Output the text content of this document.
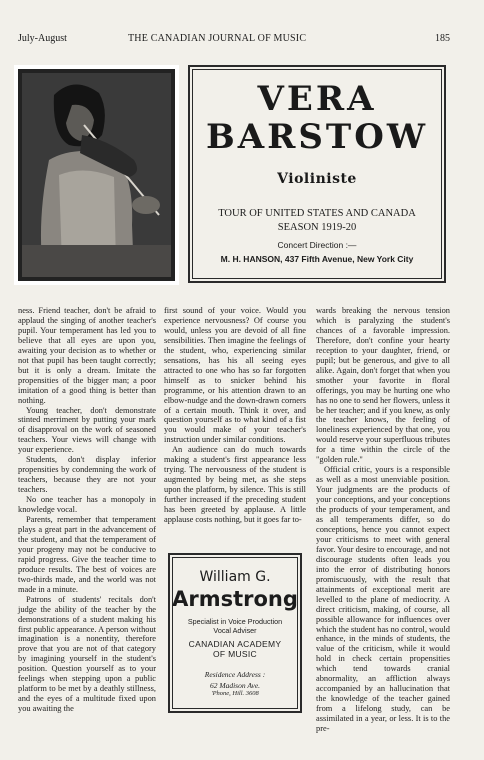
July-August	THE CANADIAN JOURNAL OF MUSIC	185
VERA
BARSTOW
Violiniste
TOUR OF UNITED STATES AND CANADA
SEASON 1919-20
Concert Direction :—
M. H. HANSON, 437 Fifth Avenue, New York City

ness. Friend teacher, don't be afraid to applaud the singing of another teacher's pupil. Your temperament has led you to believe that all eyes are upon you, awaiting your decision as to whether or not that pupil has been taught correctly; but it is only a dream. Imitate the propensities of the bigger man; a poor imitation of a good thing is better than nothing.

Young teacher, don't demonstrate stinted merriment by putting your mark of disapproval on the work of seasoned teachers. Your views will change with your experience.

Students, don't display inferior propensities by condemning the work of teachers, because they are not your teachers.

No one teacher has a monopoly in knowledge vocal.

Parents, remember that temperament plays a great part in the advancement of the student, and that the temperament of your progeny may not be conducive to rapid progress. Give the teacher time to produce results. The best of voices are two-thirds made, and the world was not made in a minute.

Patrons of students' recitals don't judge the ability of the teacher by the demonstrations of a student making his first public appearance. A person without imagination is a nonentity, therefore prove that you are not of that category by imagining yourself in the student's position. Question yourself as to your feelings when stepping upon a public platform to be met by a deathly stillness, and the eyes of a multitude fixed upon you awaiting the

first sound of your voice. Would you experience nervousness? Of course you would, unless you are devoid of all fine sensibilities. Then imagine the feelings of the student, who, experiencing similar sensations, has his all seeing eyes attracted to one who has so far forgotten himself as to snicker behind his programme, or his attention drawn to an elbow-nudge and the down-drawn corners of a certain mouth. Think it over, and question yourself as to what kind of a fist you would make of your teacher's instruction under similar conditions.

An audience can do much towards making a student's first appearance less trying. The nervousness of the student is augmented by being met, as she steps upon the platform, by silence. This is still further increased if the preceding student has been greeted by applause. A little applause costs nothing, but it goes far to-

wards breaking the nervous tension which is paralyzing the student's chances of a favorable impression. Therefore, don't confine your hearty reception to your daughter, friend, or pupil; but be generous, and give to all alike. Again, don't forget that when you smother your favorite in floral offerings, you may be hurting one who has no one to send her flowers, unless it be her teacher; and if you knew, as only the teacher knows, the feeling of loneliness experienced by that one, you would reserve your superfluous tributes for a time within the circle of the "golden rule."

Official critic, yours is a responsible as well as a most unenviable position. Your judgments are the products of your conceptions, and your conceptions the products of your temperament, and as all temperaments differ, so do conceptions, hence you cannot expect your criticisms to meet with general favor. Your desire to encourage, and not discourage students often leads you into the error of distributing honors promiscuously, with the result that attainments of exceptional merit are levelled to the plane of mediocrity. A direct criticism, making, of course, all possible allowance for influences over which the student has no control, would enhance, in the minds of students, the value of the criticism, while it would hold in check certain propensities which tend towards cranial abnormality, an affliction always accompanied by an hallucination that the knowledge of the teacher gained from a lifelong study, can be assimilated in a year, or less. It is to the pre-

William G.
Armstrong
Specialist in Voice Production
Vocal Adviser
CANADIAN ACADEMY
OF MUSIC
Residence Address :
62 Madison Ave.
'Phone, Hill. 3608
